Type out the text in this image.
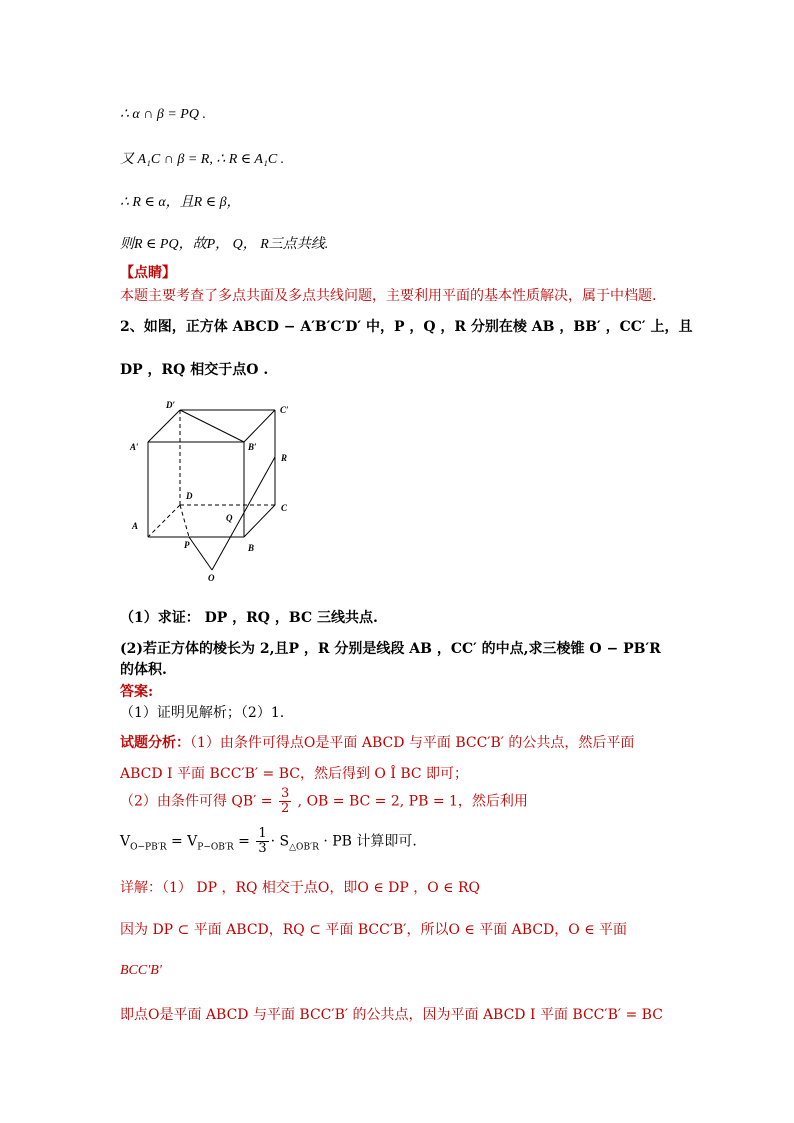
∴ α ∩ β = PQ .
又 A₁C ∩ β = R, ∴ R ∈ A₁C .
∴ R ∈ α，且R ∈ β，
则R ∈ PQ，故P， Q， R三点共线.
【点睛】
本题主要考查了多点共面及多点共线问题，主要利用平面的基本性质解决，属于中档题.
2、如图，正方体 ABCD − A′B′C′D′ 中，P ，Q ，R 分别在棱 AB ，BB′ ，CC′ 上，且
DP ，RQ 相交于点O .
D′	C′
A′	B′
R
D
C
A
Q
P	B
O
（1）求证： DP ，RQ ，BC 三线共点.
(2)若正方体的棱长为 2,且P ，R 分别是线段 AB ，CC′ 的中点,求三棱锥 O − PB′R
的体积.
答案:
（1）证明见解析；（2）1.
试题分析：（1）由条件可得点O是平面 ABCD 与平面 BCC′B′ 的公共点，然后平面
ABCD I 平面 BCC′B′ = BC，然后得到 O Î BC 即可；
（2）由条件可得 $QB' = \frac{3}{2}$ , OB = BC = 2, PB = 1，然后利用
$V_{O-PB'R} = V_{P-OB'R} = \frac{1}{3} \cdot S_{\triangle OB'R}$ · PB 计算即可.
详解：（1） DP ，RQ 相交于点O，即O ∈ DP ，O ∈ RQ
因为 DP ⊂ 平面 ABCD，RQ ⊂ 平面 BCC′B′，所以O ∈ 平面 ABCD，O ∈ 平面
BCC′B′
即点O是平面 ABCD 与平面 BCC′B′ 的公共点，因为平面 ABCD I 平面 BCC′B′ = BC
